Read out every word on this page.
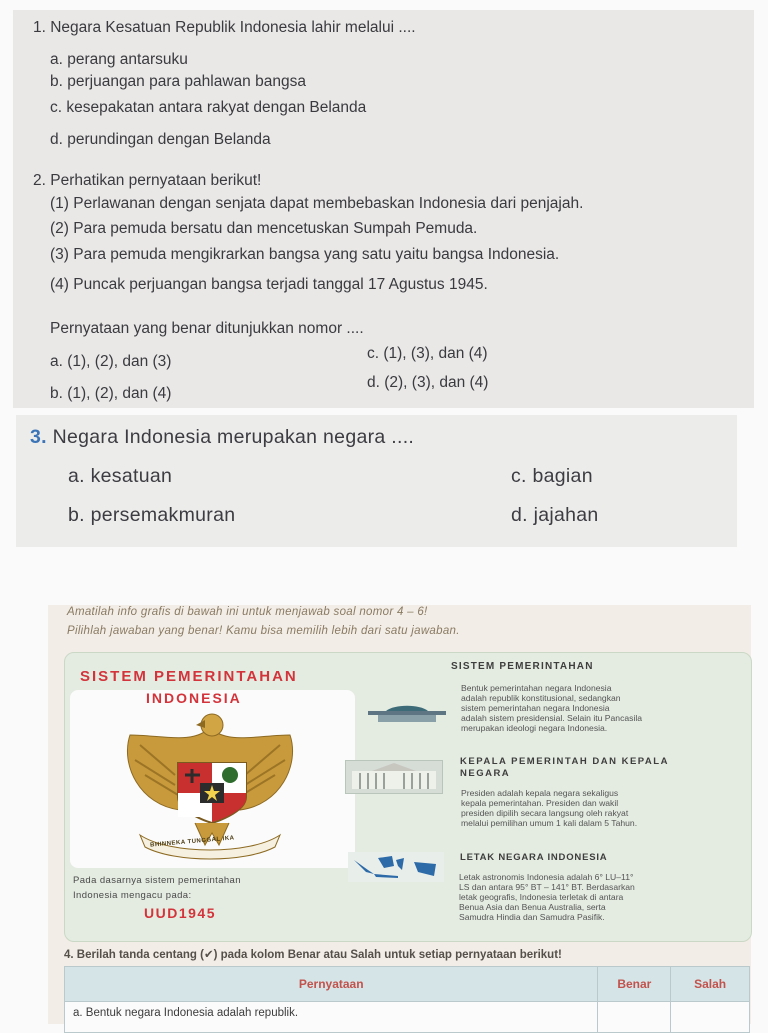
1. Negara Kesatuan Republik Indonesia lahir melalui ....
a. perang antarsuku
b. perjuangan para pahlawan bangsa
c. kesepakatan antara rakyat dengan Belanda
d. perundingan dengan Belanda
2. Perhatikan pernyataan berikut!
(1) Perlawanan dengan senjata dapat membebaskan Indonesia dari penjajah.
(2) Para pemuda bersatu dan mencetuskan Sumpah Pemuda.
(3) Para pemuda mengikrarkan bangsa yang satu yaitu bangsa Indonesia.
(4) Puncak perjuangan bangsa terjadi tanggal 17 Agustus 1945.
Pernyataan yang benar ditunjukkan nomor ....
a. (1), (2), dan (3)
b. (1), (2), dan (4)
c. (1), (3), dan (4)
d. (2), (3), dan (4)
3. Negara Indonesia merupakan negara ....
a. kesatuan
b. persemakmuran
c. bagian
d. jajahan
Amatilah info grafis di bawah ini untuk menjawab soal nomor 4 – 6!
Pilihlah jawaban yang benar! Kamu bisa memilih lebih dari satu jawaban.
SISTEM PEMERINTAHAN
INDONESIA
BHINNEKA TUNGGAL IKA
Pada dasarnya sistem pemerintahan
Indonesia mengacu pada:
UUD1945
SISTEM PEMERINTAHAN
Bentuk pemerintahan negara Indonesia
adalah republik konstitusional, sedangkan
sistem pemerintahan negara Indonesia
adalah sistem presidensial. Selain itu Pancasila
merupakan ideologi negara Indonesia.
KEPALA PEMERINTAH DAN KEPALA
NEGARA
Presiden adalah kepala negara sekaligus
kepala pemerintahan. Presiden dan wakil
presiden dipilih secara langsung oleh rakyat
melalui pemilihan umum 1 kali dalam 5 Tahun.
LETAK NEGARA INDONESIA
Letak astronomis Indonesia adalah 6° LU–11°
LS dan antara 95° BT – 141° BT. Berdasarkan
letak geografis, Indonesia terletak di antara
Benua Asia dan Benua Australia, serta
Samudra Hindia dan Samudra Pasifik.
4. Berilah tanda centang (✔) pada kolom Benar atau Salah untuk setiap pernyataan berikut!
Pernyataan	Benar	Salah
a. Bentuk negara Indonesia adalah republik.
